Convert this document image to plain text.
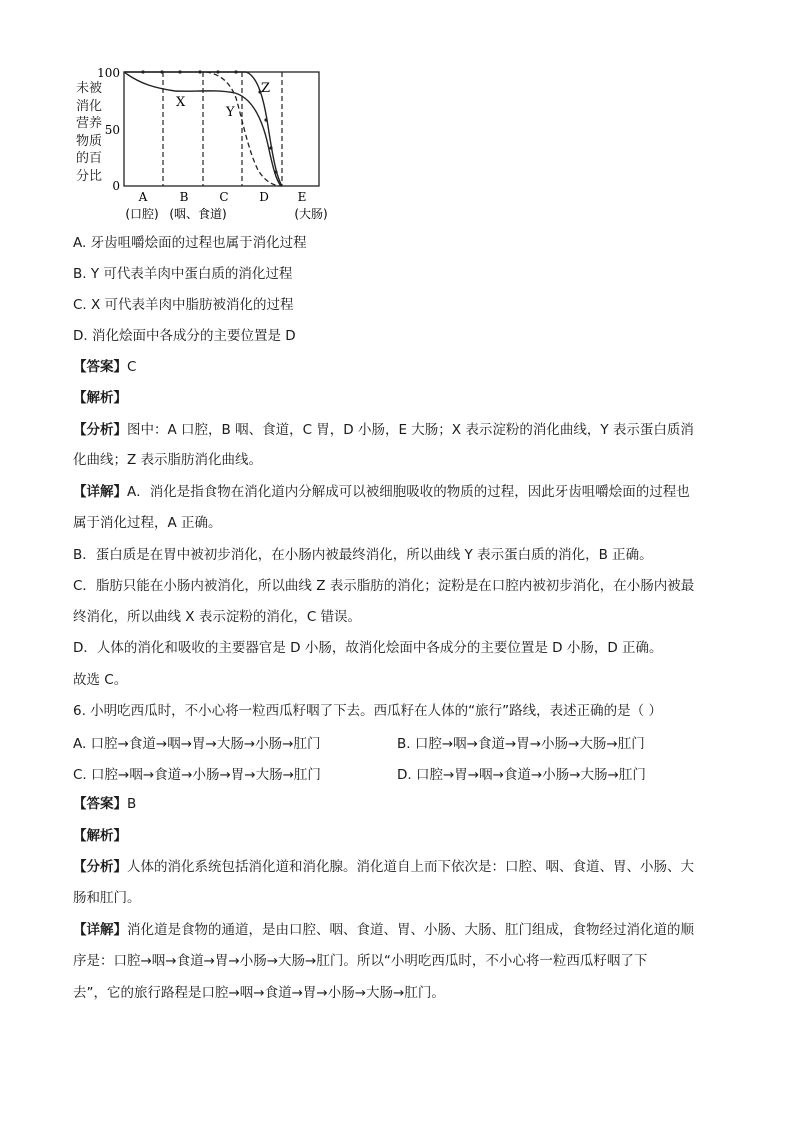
未被
消化
营养
物质
的百
分比
100
50
0
X
Y
Z
A	B	C	D E
(口腔) (咽、食道)	(大肠)
A. 牙齿咀嚼烩面的过程也属于消化过程
B. Y 可代表羊肉中蛋白质的消化过程
C. X 可代表羊肉中脂肪被消化的过程
D. 消化烩面中各成分的主要位置是 D
【答案】C
【解析】
【分析】图中：A 口腔，B 咽、食道，C 胃，D 小肠，E 大肠；X 表示淀粉的消化曲线，Y 表示蛋白质消
化曲线；Z 表示脂肪消化曲线。
【详解】A．消化是指食物在消化道内分解成可以被细胞吸收的物质的过程，因此牙齿咀嚼烩面的过程也
属于消化过程，A 正确。
B．蛋白质是在胃中被初步消化，在小肠内被最终消化，所以曲线 Y 表示蛋白质的消化，B 正确。
C．脂肪只能在小肠内被消化，所以曲线 Z 表示脂肪的消化；淀粉是在口腔内被初步消化，在小肠内被最
终消化，所以曲线 X 表示淀粉的消化，C 错误。
D．人体的消化和吸收的主要器官是 D 小肠，故消化烩面中各成分的主要位置是 D 小肠，D 正确。
故选 C。
6. 小明吃西瓜时，不小心将一粒西瓜籽咽了下去。西瓜籽在人体的“旅行”路线，表述正确的是（ ）
A. 口腔→食道→咽→胃→大肠→小肠→肛门	B. 口腔→咽→食道→胃→小肠→大肠→肛门
C. 口腔→咽→食道→小肠→胃→大肠→肛门	D. 口腔→胃→咽→食道→小肠→大肠→肛门
【答案】B
【解析】
【分析】人体的消化系统包括消化道和消化腺。消化道自上而下依次是：口腔、咽、食道、胃、小肠、大
肠和肛门。
【详解】消化道是食物的通道，是由口腔、咽、食道、胃、小肠、大肠、肛门组成，食物经过消化道的顺
序是：口腔→咽→食道→胃→小肠→大肠→肛门。所以“小明吃西瓜时，不小心将一粒西瓜籽咽了下
去”，它的旅行路程是口腔→咽→食道→胃→小肠→大肠→肛门。
